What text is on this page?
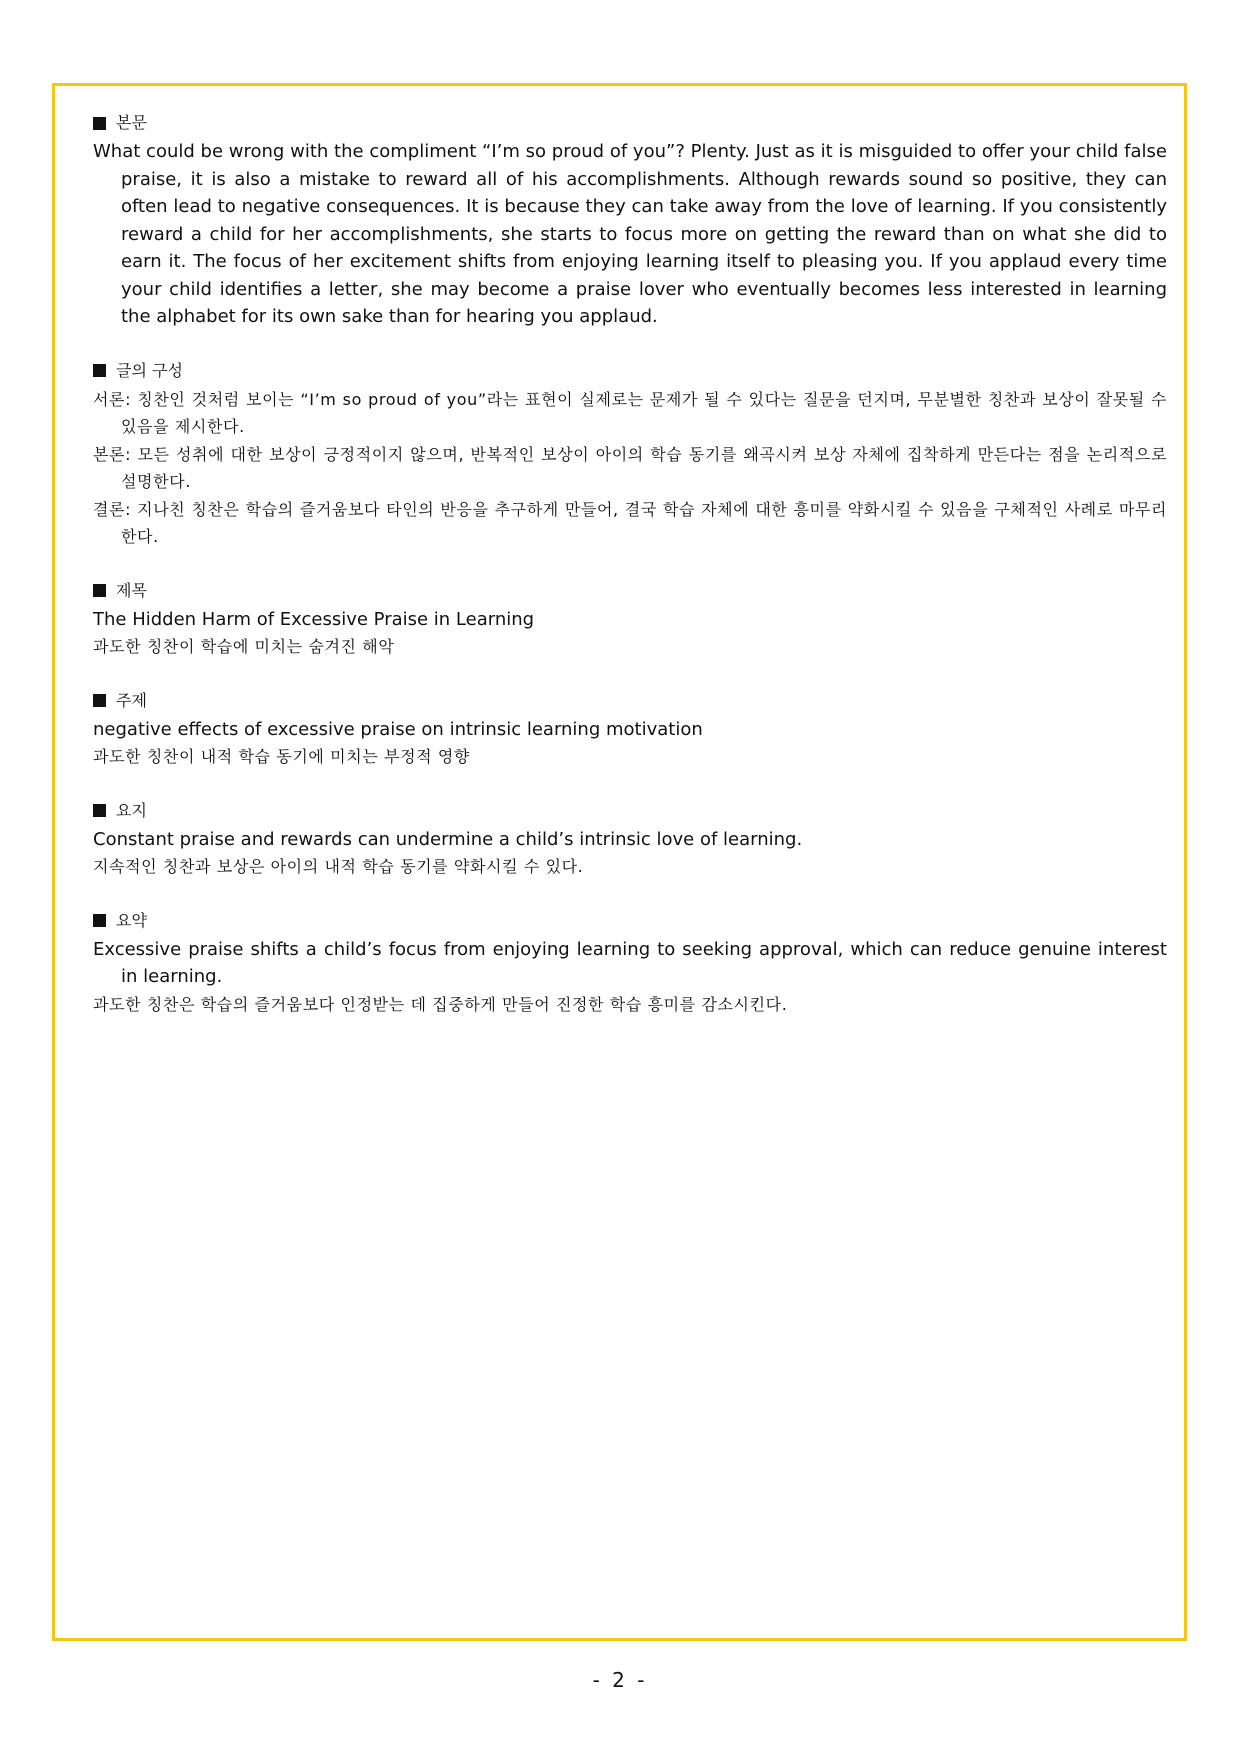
본문

What could be wrong with the compliment “I’m so proud of you”? Plenty. Just as it is misguided to offer your child false praise, it is also a mistake to reward all of his accomplishments. Although rewards sound so positive, they can often lead to negative consequences. It is because they can take away from the love of learning. If you consistently reward a child for her accomplishments, she starts to focus more on getting the reward than on what she did to earn it. The focus of her excitement shifts from enjoying learning itself to pleasing you. If you applaud every time your child identifies a letter, she may become a praise lover who eventually becomes less interested in learning the alphabet for its own sake than for hearing you applaud.

글의 구성

서론: 칭찬인 것처럼 보이는 “I’m so proud of you”라는 표현이 실제로는 문제가 될 수 있다는 질문을 던지며, 무분별한 칭찬과 보상이 잘못될 수 있음을 제시한다.

본론: 모든 성취에 대한 보상이 긍정적이지 않으며, 반복적인 보상이 아이의 학습 동기를 왜곡시켜 보상 자체에 집착하게 만든다는 점을 논리적으로 설명한다.

결론: 지나친 칭찬은 학습의 즐거움보다 타인의 반응을 추구하게 만들어, 결국 학습 자체에 대한 흥미를 약화시킬 수 있음을 구체적인 사례로 마무리한다.

제목

The Hidden Harm of Excessive Praise in Learning

과도한 칭찬이 학습에 미치는 숨겨진 해악

주제

negative effects of excessive praise on intrinsic learning motivation

과도한 칭찬이 내적 학습 동기에 미치는 부정적 영향

요지

Constant praise and rewards can undermine a child’s intrinsic love of learning.

지속적인 칭찬과 보상은 아이의 내적 학습 동기를 약화시킬 수 있다.

요약

Excessive praise shifts a child’s focus from enjoying learning to seeking approval, which can reduce genuine interest in learning.

과도한 칭찬은 학습의 즐거움보다 인정받는 데 집중하게 만들어 진정한 학습 흥미를 감소시킨다.

- 2 -
